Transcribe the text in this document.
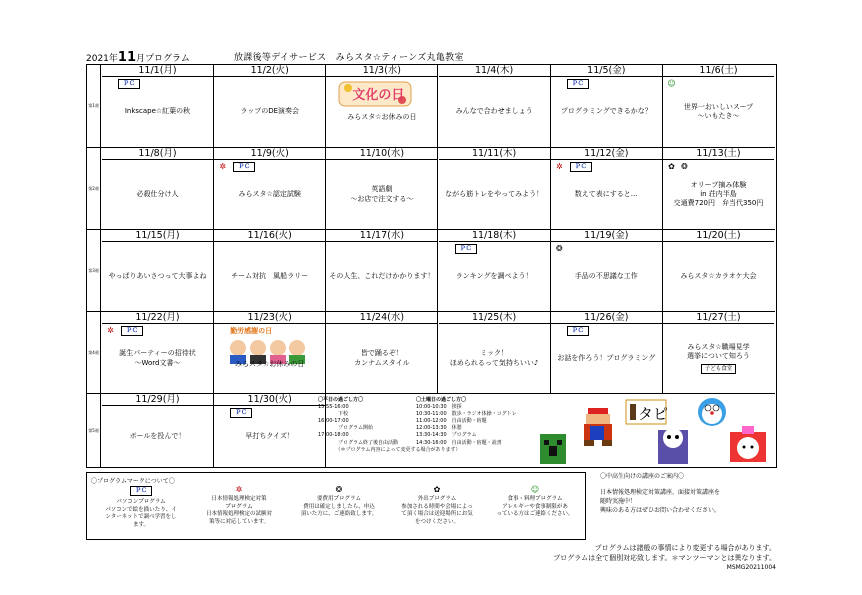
2021年11月プログラム	放課後等デイサービス　みらスタ☆ティーンズ丸亀教室
第1週
11/1(月)
ＰＣ
Inkscape☆紅葉の秋
11/2(火)
ラップのDE演奏会
11/3(水)
文化の日
みらスタ☆お休みの日
11/4(木)
みんなで合わせましょう
11/5(金)
ＰＣ
プログラミングできるかな？
11/6(土)
☺
世界一おいしいスープ
～いもたき～
第2週
11/8(月)
必殺仕分け人
11/9(火)
✲	ＰＣ
みらスタ☆認定試験
11/10(水)
英語劇
～お店で注文する～
11/11(木)
ながら筋トレをやってみよう！
11/12(金)
✲	ＰＣ
数えて表にすると…
11/13(土)
✿ ❂
オリーブ摘み体験
in 荘内半島
交通費720円　弁当代350円
第3週
11/15(月)
やっぱりあいさつって大事よね
11/16(火)
チーム対抗　風船ラリー
11/17(水)
その人生、これだけかかります！
11/18(木)
ＰＣ
ランキングを調べよう！
11/19(金)
❂
手品の不思議な工作
11/20(土)
みらスタ☆カラオケ大会
第4週
11/22(月)
✲	ＰＣ
誕生パーティーの招待状
～Word文書～
11/23(火)
勤労感謝の日
みらスタ☆お休みの日
11/24(水)
皆で踊るぞ！
カンナムスタイル
11/25(木)
ミック！
ほめられるって気持ちいい♪
11/26(金)
ＰＣ
お話を作ろう！プログラミング
11/27(土)
みらスタ☆職場見学
選挙について知ろう
子ども食堂
第5週
11/29(月)
ボールを投んで！
11/30(火)
ＰＣ
早打ちクイズ！
〇平日の過ごし方〇
15:55-16:00
　　　　下校
16:00-17:00
　　　　プログラム開始
17:00-18:00
　　　　プログラム終了後自由活動
　　　　（＊プログラム内容によって変更する場合があります）
〇土曜日の過ごし方〇
10:00-10:30　挨拶
10:30-11:00　散歩・ラジオ体操・コグトレ
11:00-12:00　自由活動・宿題
12:00-13:30　休憩
13:30-14:30　プログラム
14:30-16:00　自由活動・宿題・読書
タピ
〇プログラムマークについて〇
ＰＣ
パソコンプログラム
パソコンで絵を描いたり、イ
ンターネットで調べ学習をし
ます。
✲
日本情報処理検定対策
プログラム
日本情報処理検定の試験対
策等に対応しています。
❂
要費用プログラム
費用は確定しましたら、申込
頂いた方に、ご連絡致します。
✿
外出プログラム
参加される時間や会場によっ
て頂く場合は送迎場所にお気
をつけください。
☺
食事・料理プログラム
アレルギーや食事制限があ
っている方はご連絡ください。
〇中高生向けの講座のご案内〇
日本情報処理検定対策講座、面接対策講座を
随時実施中！
興味のある方はぜひお問い合わせください。
プログラムは諸般の事情により変更する場合があります。
プログラムは全て個別対応致します。＊マンツーマンとは異なります。
MSMG20211004
